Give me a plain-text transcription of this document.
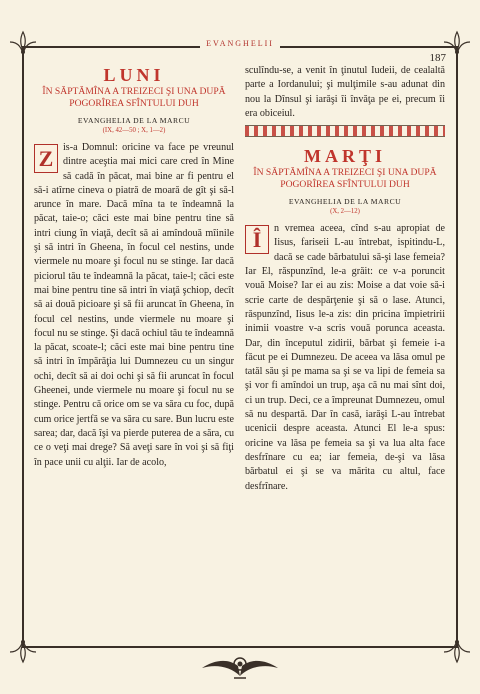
EVANGHELII
187
LUNI

ÎN SĂPTĂMÎNA A TREIZECI ŞI UNA DUPĂ POGORÎREA SFÎNTULUI DUH

EVANGHELIA DE LA MARCU

(IX, 42—50 ; X, 1—2)

Z is-a Domnul: oricine va face pe vreunul dintre aceştia mai mici care cred în Mine să cadă în păcat, mai bine ar fi pentru el să-i atîrne cineva o piatră de moară de gît şi să-l arunce în mare. Dacă mîna ta te îndeamnă la păcat, taie-o; căci este mai bine pentru tine să intri ciung în viaţă, decît să ai amîndouă mîinile şi să intri în Gheena, în focul cel nestins, unde viermele nu moare şi focul nu se stinge. Iar dacă piciorul tău te îndeamnă la păcat, taie-l; căci este mai bine pentru tine să intri în viaţă şchiop, decît să ai două picioare şi să fii aruncat în Gheena, în focul cel nestins, unde viermele nu moare şi focul nu se stinge. Şi dacă ochiul tău te îndeamnă la păcat, scoate-l; căci este mai bine pentru tine să intri în împărăţia lui Dumnezeu cu un singur ochi, decît să ai doi ochi şi să fii aruncat în focul Gheenei, unde viermele nu moare şi focul nu se stinge. Pentru că orice om se va săra cu foc, după cum orice jertfă se va săra cu sare. Bun lucru este sarea; dar, dacă îşi va pierde puterea de a săra, cu ce o veţi mai drege? Să aveţi sare în voi şi să fiţi în pace unii cu alţii. Iar de acolo,

sculîndu-se, a venit în ţinutul Iudeii, de cealaltă parte a Iordanului; şi mulţimile s-au adunat din nou la Dînsul şi iarăşi îi învăţa pe ei, precum îi era obiceiul.

MARŢI

ÎN SĂPTĂMÎNA A TREIZECI ŞI UNA DUPĂ POGORÎREA SFÎNTULUI DUH

EVANGHELIA DE LA MARCU

(X, 2—12)

Î	n vremea aceea, cînd s-au apropiat de Iisus, fariseii L-au întrebat, ispitindu-L, dacă se cade bărbatului să-şi lase femeia? Iar El, răspunzînd, le-a grăit: ce v-a poruncit vouă Moise? Iar ei au zis: Moise a dat voie să-i scrie carte de despărţenie şi să o lase. Atunci, răspunzînd, Iisus le-a zis: din pricina împietririi inimii voastre v-a scris vouă porunca aceasta. Dar, din începutul zidirii, bărbat şi femeie i-a făcut pe ei Dumnezeu. De aceea va lăsa omul pe tatăl său şi pe mama sa şi se va lipi de femeia sa şi vor fi amîndoi un trup, aşa că nu mai sînt doi, ci un trup. Deci, ce a împreunat Dumnezeu, omul să nu despartă. Dar în casă, iarăşi L-au întrebat ucenicii despre aceasta. Atunci El le-a spus: oricine va lăsa pe femeia sa şi va lua alta face desfrînare cu ea; iar femeia, de-şi va lăsa bărbatul ei şi se va mărita cu altul, face desfrînare.
